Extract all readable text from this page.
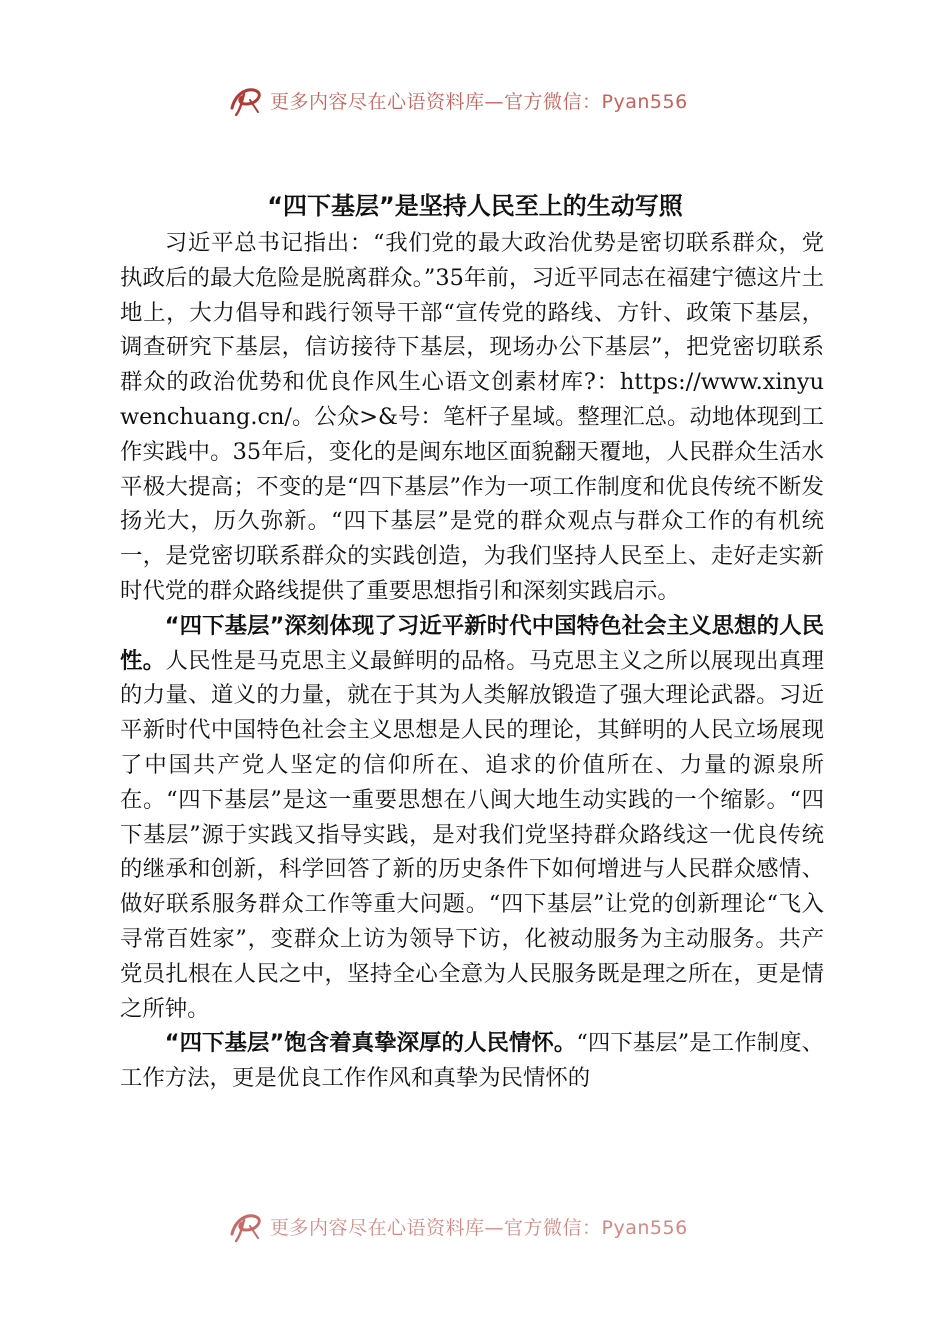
更多内容尽在心语资料库—官方微信：Pyan556
“四下基层”是坚持人民至上的生动写照

习近平总书记指出：“我们党的最大政治优势是密切联系群众，党执政后的最大危险是脱离群众。”35年前，习近平同志在福建宁德这片土地上，大力倡导和践行领导干部“宣传党的路线、方针、政策下基层，调查研究下基层，信访接待下基层，现场办公下基层”，把党密切联系群众的政治优势和优良作风生心语文创素材库?：https://www.xinyuwenchuang.cn/。公众>&号：笔杆子星域。整理汇总。动地体现到工作实践中。35年后，变化的是闽东地区面貌翻天覆地，人民群众生活水平极大提高；不变的是“四下基层”作为一项工作制度和优良传统不断发扬光大，历久弥新。“四下基层”是党的群众观点与群众工作的有机统一，是党密切联系群众的实践创造，为我们坚持人民至上、走好走实新时代党的群众路线提供了重要思想指引和深刻实践启示。

“四下基层”深刻体现了习近平新时代中国特色社会主义思想的人民性。人民性是马克思主义最鲜明的品格。马克思主义之所以展现出真理的力量、道义的力量，就在于其为人类解放锻造了强大理论武器。习近平新时代中国特色社会主义思想是人民的理论，其鲜明的人民立场展现了中国共产党人坚定的信仰所在、追求的价值所在、力量的源泉所在。“四下基层”是这一重要思想在八闽大地生动实践的一个缩影。“四下基层”源于实践又指导实践，是对我们党坚持群众路线这一优良传统的继承和创新，科学回答了新的历史条件下如何增进与人民群众感情、做好联系服务群众工作等重大问题。“四下基层”让党的创新理论“飞入寻常百姓家”，变群众上访为领导下访，化被动服务为主动服务。共产党员扎根在人民之中，坚持全心全意为人民服务既是理之所在，更是情之所钟。

“四下基层”饱含着真挚深厚的人民情怀。“四下基层”是工作制度、工作方法，更是优良工作作风和真挚为民情怀的

更多内容尽在心语资料库—官方微信：Pyan556
